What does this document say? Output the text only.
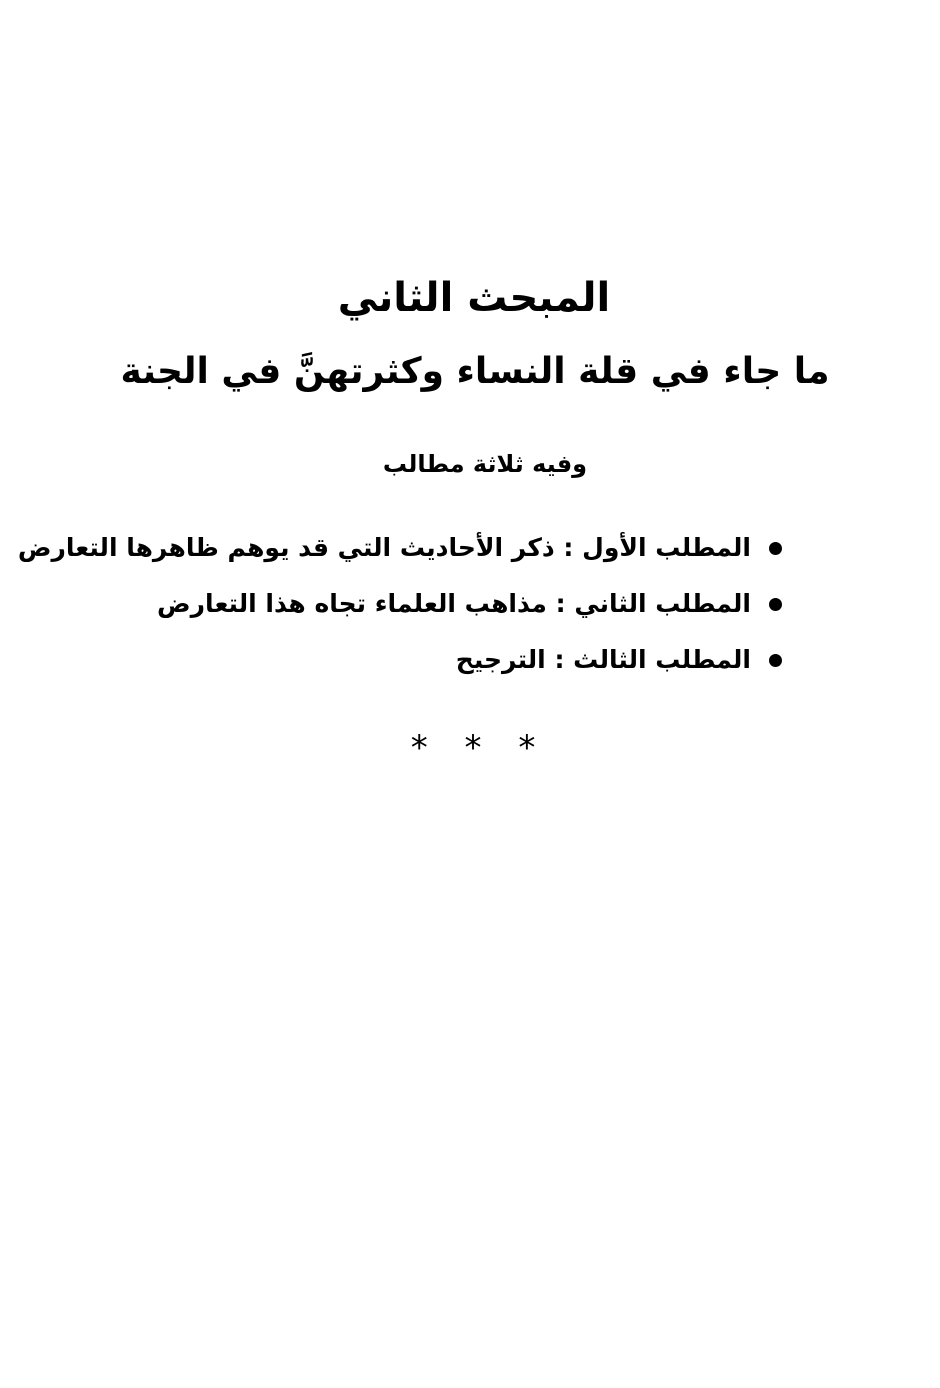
المبحث الثاني
ما جاء في قلة النساء وكثرتهنَّ في الجنة
وفيه ثلاثة مطالب
المطلب الأول : ذكر الأحاديث التي قد يوهم ظاهرها التعارض
المطلب الثاني : مذاهب العلماء تجاه هذا التعارض
المطلب الثالث : الترجيح
* * *
